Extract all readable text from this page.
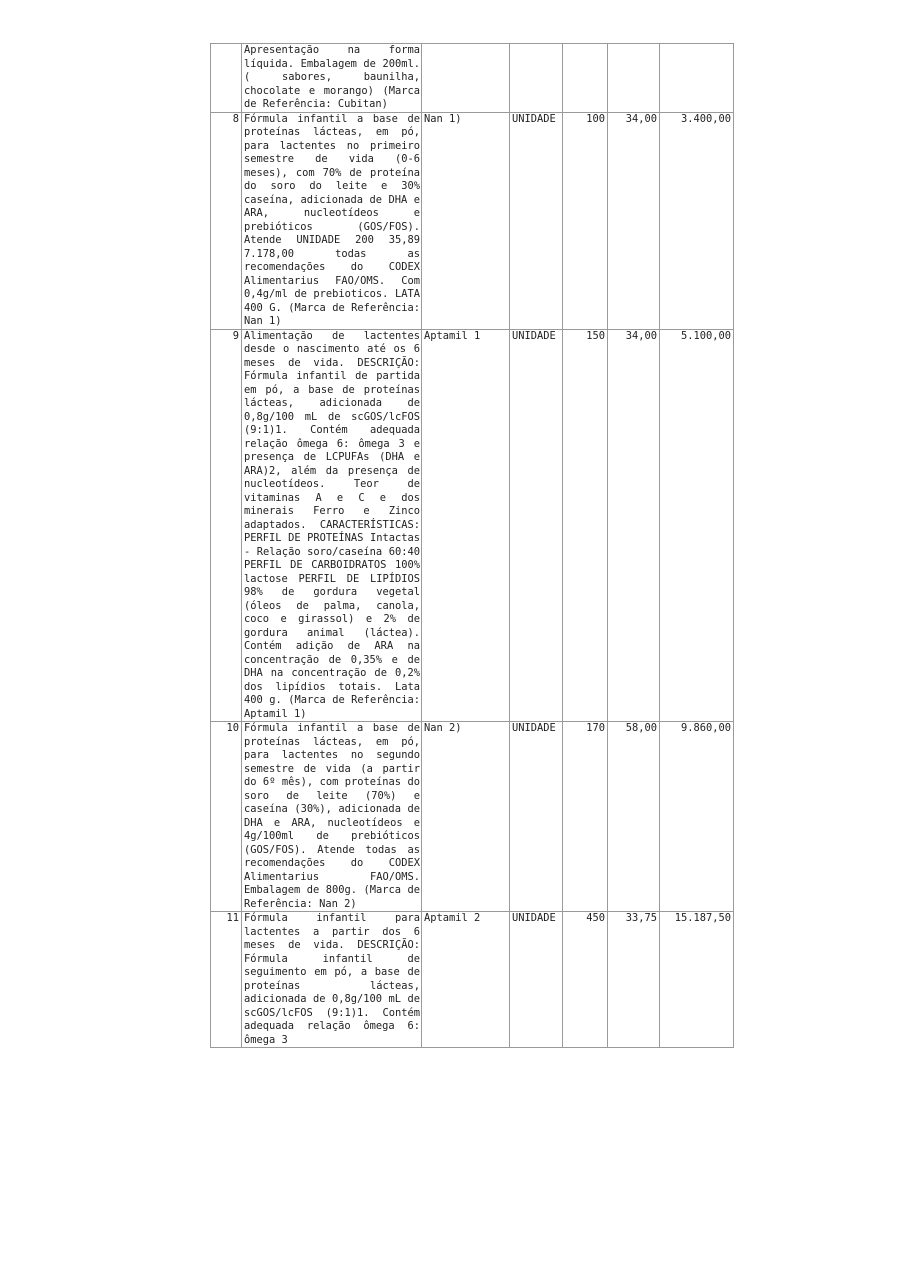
	Apresentação na forma líquida. Embalagem de 200ml. ( sabores, baunilha, chocolate e morango) (Marca de Referência: Cubitan)					

8	Fórmula infantil a base de proteínas lácteas, em pó, para lactentes no primeiro semestre de vida (0-6 meses), com 70% de proteína do soro do leite e 30% caseína, adicionada de DHA e ARA, nucleotídeos e prebióticos (GOS/FOS). Atende UNIDADE 200 35,89 7.178,00 todas as recomendações do CODEX Alimentarius FAO/OMS. Com 0,4g/ml de prebioticos. LATA 400 G. (Marca de Referência: Nan 1)	Nan 1)	UNIDADE	100	34,00	3.400,00
9	Alimentação de lactentes desde o nascimento até os 6 meses de vida. DESCRIÇÃO: Fórmula infantil de partida em pó, a base de proteínas lácteas, adicionada de 0,8g/100 mL de scGOS/lcFOS (9:1)1. Contém adequada relação ômega 6: ômega 3 e presença de LCPUFAs (DHA e ARA)2, além da presença de nucleotídeos. Teor de vitaminas A e C e dos minerais Ferro e Zinco adaptados. CARACTERÍSTICAS: PERFIL DE PROTEÍNAS Intactas - Relação soro/caseína 60:40 PERFIL DE CARBOIDRATOS 100% lactose PERFIL DE LIPÍDIOS 98% de gordura vegetal (óleos de palma, canola, coco e girassol) e 2% de gordura animal (láctea). Contém adição de ARA na concentração de 0,35% e de DHA na concentração de 0,2% dos lipídios totais. Lata 400 g. (Marca de Referência: Aptamil 1)	Aptamil 1	UNIDADE	150	34,00	5.100,00
10	Fórmula infantil a base de proteínas lácteas, em pó, para lactentes no segundo semestre de vida (a partir do 6º mês), com proteínas do soro de leite (70%) e caseína (30%), adicionada de DHA e ARA, nucleotídeos e 4g/100ml de prebióticos (GOS/FOS). Atende todas as recomendações do CODEX Alimentarius FAO/OMS. Embalagem de 800g. (Marca de Referência: Nan 2)	Nan 2)	UNIDADE	170	58,00	9.860,00
11	Fórmula infantil para lactentes a partir dos 6 meses de vida. DESCRIÇÃO: Fórmula infantil de seguimento em pó, a base de proteínas lácteas, adicionada de 0,8g/100 mL de scGOS/lcFOS (9:1)1. Contém adequada relação ômega 6: ômega 3	Aptamil 2	UNIDADE	450	33,75	15.187,50
